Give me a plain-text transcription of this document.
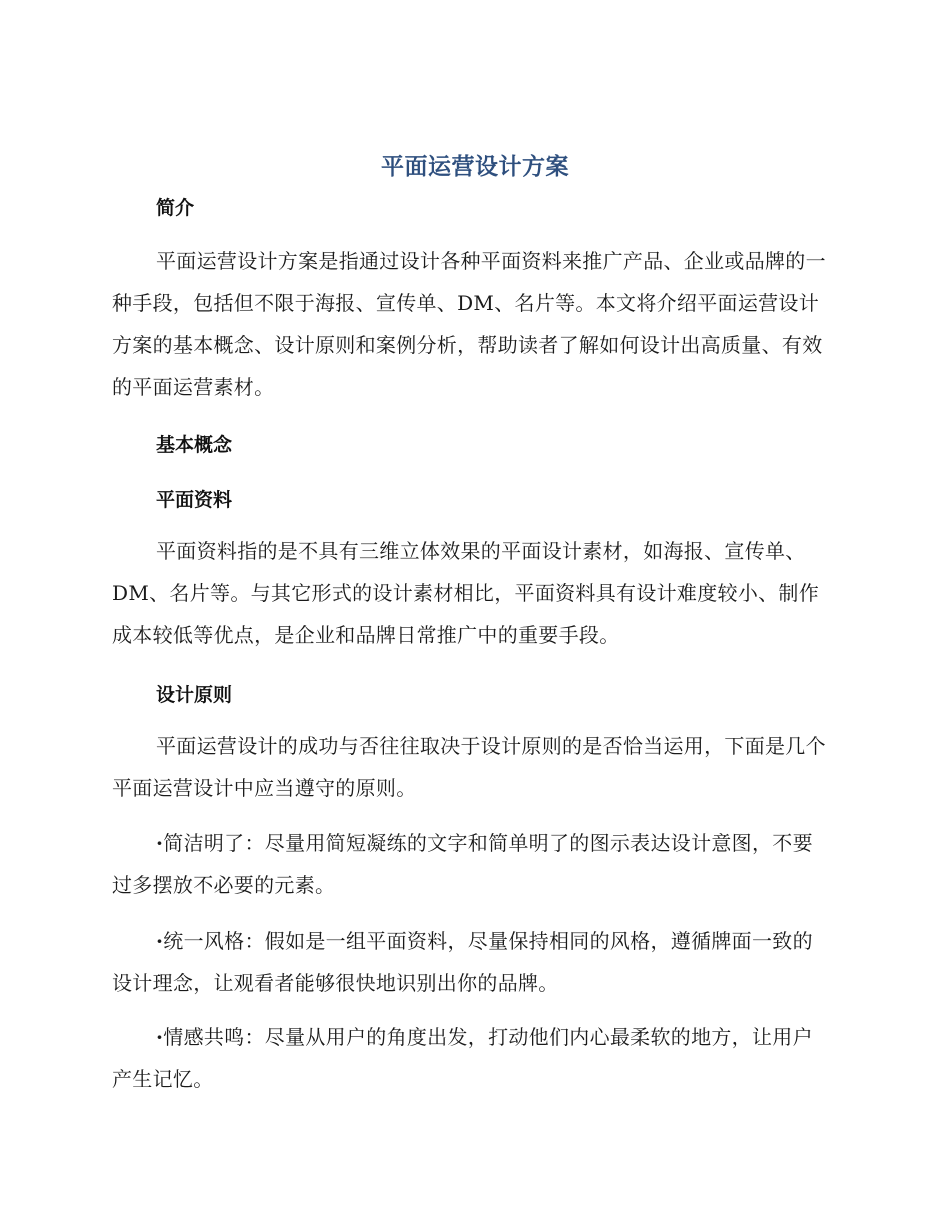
平面运营设计方案
简介

平面运营设计方案是指通过设计各种平面资料来推广产品、企业或品牌的一种手段，包括但不限于海报、宣传单、DM、名片等。本文将介绍平面运营设计方案的基本概念、设计原则和案例分析，帮助读者了解如何设计出高质量、有效的平面运营素材。

基本概念
平面资料

平面资料指的是不具有三维立体效果的平面设计素材，如海报、宣传单、DM、名片等。与其它形式的设计素材相比，平面资料具有设计难度较小、制作成本较低等优点，是企业和品牌日常推广中的重要手段。

设计原则

平面运营设计的成功与否往往取决于设计原则的是否恰当运用，下面是几个平面运营设计中应当遵守的原则。

·简洁明了：尽量用简短凝练的文字和简单明了的图示表达设计意图，不要过多摆放不必要的元素。

·统一风格：假如是一组平面资料，尽量保持相同的风格，遵循牌面一致的设计理念，让观看者能够很快地识别出你的品牌。

·情感共鸣：尽量从用户的角度出发，打动他们内心最柔软的地方，让用户产生记忆。
